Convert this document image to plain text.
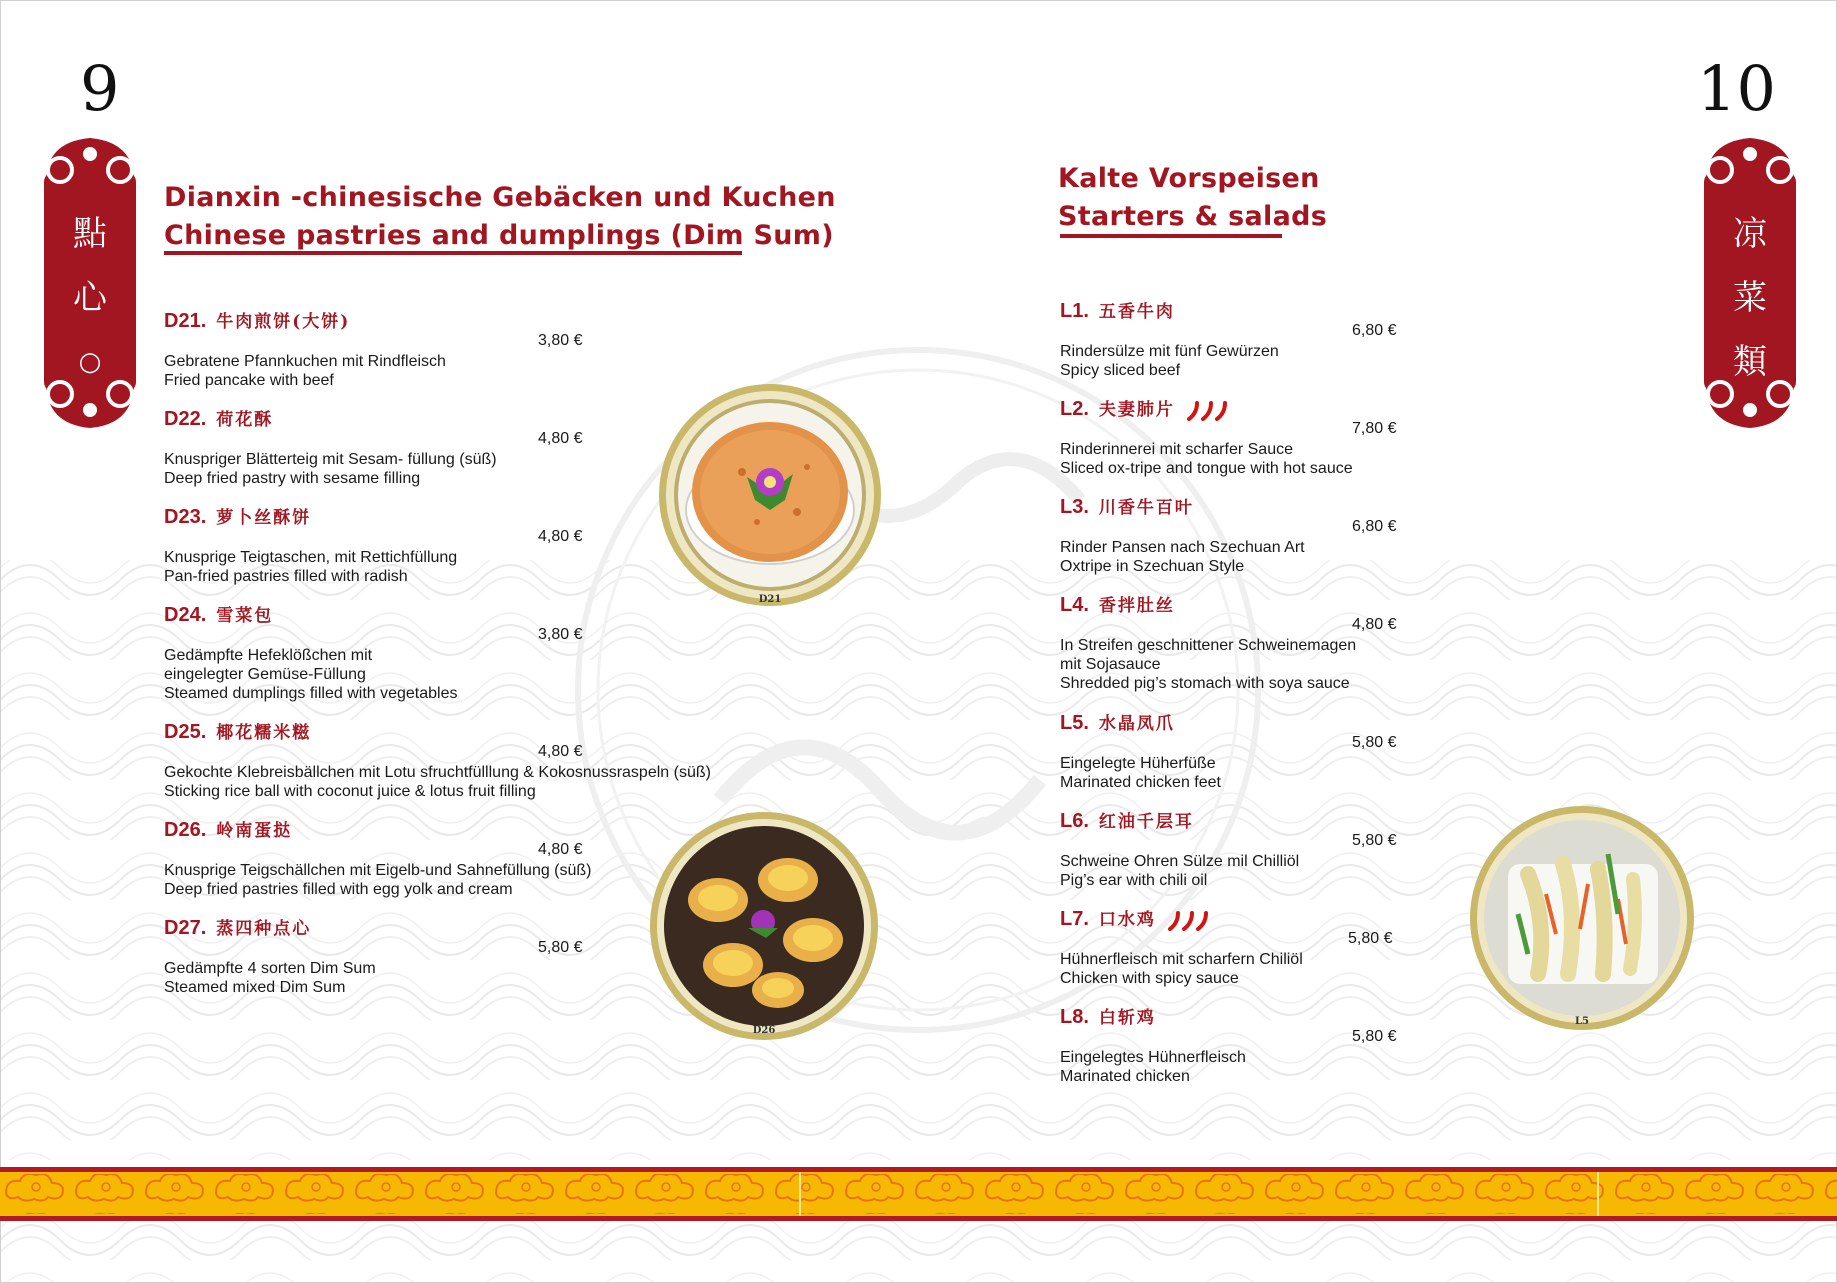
9	10
點
心
○
凉
菜
類
Dianxin -chinesische Gebäcken und Kuchen
Chinese pastries and dumplings (Dim Sum)
Kalte Vorspeisen
Starters & salads
D21. 牛肉煎饼(大饼)
3,80 €
Gebratene Pfannkuchen mit Rindfleisch
Fried pancake with beef
D22. 荷花酥
4,80 €
Knuspriger Blätterteig mit Sesam- füllung (süß)
Deep fried pastry with sesame filling
D23. 萝卜丝酥饼
4,80 €
Knusprige Teigtaschen, mit Rettichfüllung
Pan-fried pastries filled with radish
D24. 雪菜包
3,80 €
Gedämpfte Hefeklößchen mit
eingelegter Gemüse-Füllung
Steamed dumplings filled with vegetables
D25. 椰花糯米糍
4,80 €
Gekochte Klebreisbällchen mit Lotu sfruchtfülllung & Kokosnussraspeln (süß)
Sticking rice ball with coconut juice & lotus fruit filling
D26. 岭南蛋挞
4,80 €
Knusprige Teigschällchen mit Eigelb-und Sahnefüllung (süß)
Deep fried pastries filled with egg yolk and cream
D27. 蒸四种点心
5,80 €
Gedämpfte 4 sorten Dim Sum
Steamed mixed Dim Sum
L1. 五香牛肉
6,80 €
Rindersülze mit fünf Gewürzen
Spicy sliced beef
L2. 夫妻肺片
7,80 €
Rinderinnerei mit scharfer Sauce
Sliced ox-tripe and tongue with hot sauce
L3. 川香牛百叶
6,80 €
Rinder Pansen nach Szechuan Art
Oxtripe in Szechuan Style
L4. 香拌肚丝
4,80 €
In Streifen geschnittener Schweinemagen
mit Sojasauce
Shredded pig’s stomach with soya sauce
L5. 水晶凤爪
5,80 €
Eingelegte Hüherfüße
Marinated chicken feet
L6. 红油千层耳
5,80 €
Schweine Ohren Sülze mil Chilliöl
Pig’s ear with chili oil
L7. 口水鸡
5,80 €
Hühnerfleisch mit scharfern Chiliöl
Chicken with spicy sauce
L8. 白斩鸡
5,80 €
Eingelegtes Hühnerfleisch
Marinated chicken
D21
D26
L5
